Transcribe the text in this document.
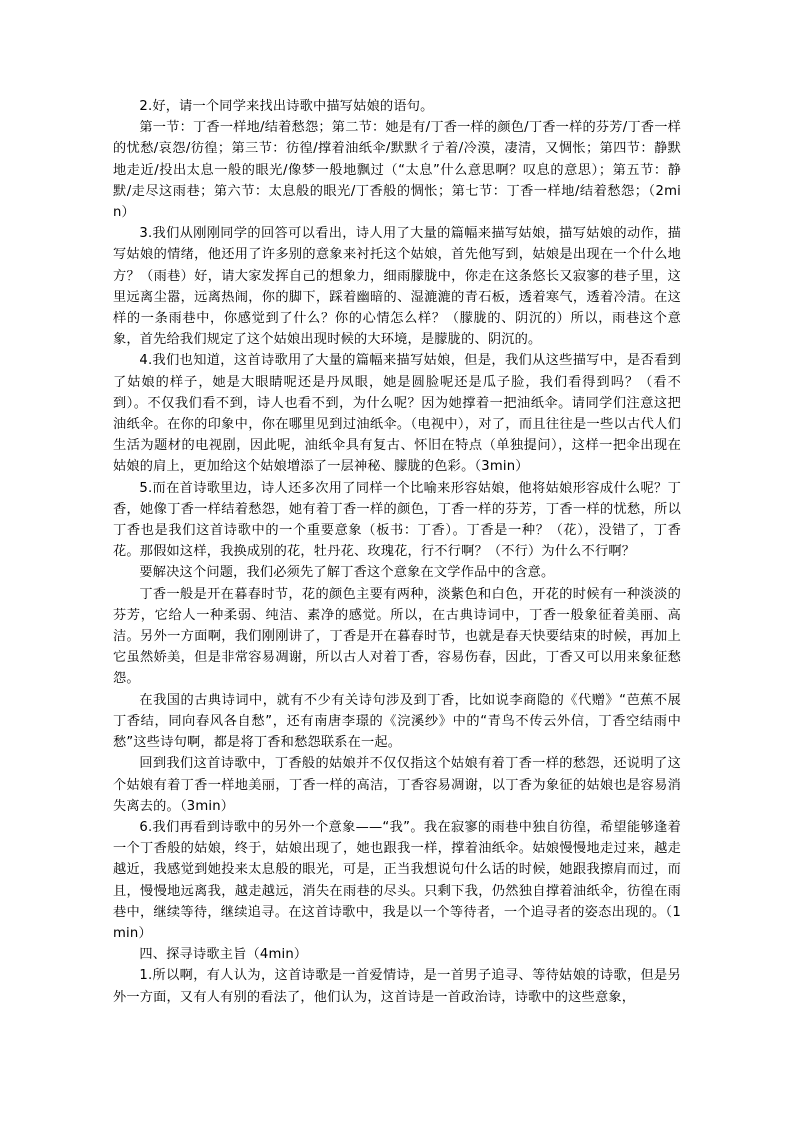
2.好，请一个同学来找出诗歌中描写姑娘的语句。

第一节：丁香一样地/结着愁怨；第二节：她是有/丁香一样的颜色/丁香一样的芬芳/丁香一样的忧愁/哀怨/彷徨；第三节：彷徨/撑着油纸伞/默默彳亍着/冷漠，凄清，又惆怅；第四节：静默地走近/投出太息一般的眼光/像梦一般地飘过（“太息”什么意思啊？叹息的意思）；第五节：静默/走尽这雨巷；第六节：太息般的眼光/丁香般的惆怅；第七节：丁香一样地/结着愁怨；（2min）

3.我们从刚刚同学的回答可以看出，诗人用了大量的篇幅来描写姑娘，描写姑娘的动作，描写姑娘的情绪，他还用了许多别的意象来衬托这个姑娘，首先他写到，姑娘是出现在一个什么地方？（雨巷）好，请大家发挥自己的想象力，细雨朦胧中，你走在这条悠长又寂寥的巷子里，这里远离尘嚣，远离热闹，你的脚下，踩着幽暗的、湿漉漉的青石板，透着寒气，透着冷清。在这样的一条雨巷中，你感觉到了什么？你的心情怎么样？（朦胧的、阴沉的）所以，雨巷这个意象，首先给我们规定了这个姑娘出现时候的大环境，是朦胧的、阴沉的。

4.我们也知道，这首诗歌用了大量的篇幅来描写姑娘，但是，我们从这些描写中，是否看到了姑娘的样子，她是大眼睛呢还是丹凤眼，她是圆脸呢还是瓜子脸，我们看得到吗？（看不到）。不仅我们看不到，诗人也看不到，为什么呢？因为她撑着一把油纸伞。请同学们注意这把油纸伞。在你的印象中，你在哪里见到过油纸伞。（电视中），对了，而且往往是一些以古代人们生活为题材的电视剧，因此呢，油纸伞具有复古、怀旧在特点（单独提问），这样一把伞出现在姑娘的肩上，更加给这个姑娘增添了一层神秘、朦胧的色彩。（3min）

5.而在首诗歌里边，诗人还多次用了同样一个比喻来形容姑娘，他将姑娘形容成什么呢？丁香，她像丁香一样结着愁怨，她有着丁香一样的颜色，丁香一样的芬芳，丁香一样的忧愁，所以丁香也是我们这首诗歌中的一个重要意象（板书：丁香）。丁香是一种？（花），没错了，丁香花。那假如这样，我换成别的花，牡丹花、玫瑰花，行不行啊？（不行）为什么不行啊？

要解决这个问题，我们必须先了解丁香这个意象在文学作品中的含意。

丁香一般是开在暮春时节，花的颜色主要有两种，淡紫色和白色，开花的时候有一种淡淡的芬芳，它给人一种柔弱、纯洁、素净的感觉。所以，在古典诗词中，丁香一般象征着美丽、高洁。另外一方面啊，我们刚刚讲了，丁香是开在暮春时节，也就是春天快要结束的时候，再加上它虽然娇美，但是非常容易凋谢，所以古人对着丁香，容易伤春，因此，丁香又可以用来象征愁怨。

在我国的古典诗词中，就有不少有关诗句涉及到丁香，比如说李商隐的《代赠》“芭蕉不展丁香结，同向春风各自愁”，还有南唐李璟的《浣溪纱》中的“青鸟不传云外信，丁香空结雨中愁”这些诗句啊，都是将丁香和愁怨联系在一起。

回到我们这首诗歌中，丁香般的姑娘并不仅仅指这个姑娘有着丁香一样的愁怨，还说明了这个姑娘有着丁香一样地美丽，丁香一样的高洁，丁香容易凋谢，以丁香为象征的姑娘也是容易消失离去的。（3min）

6.我们再看到诗歌中的另外一个意象——“我”。我在寂寥的雨巷中独自彷徨，希望能够逢着一个丁香般的姑娘，终于，姑娘出现了，她也跟我一样，撑着油纸伞。姑娘慢慢地走过来，越走越近，我感觉到她投来太息般的眼光，可是，正当我想说句什么话的时候，她跟我擦肩而过，而且，慢慢地远离我，越走越远，消失在雨巷的尽头。只剩下我，仍然独自撑着油纸伞，彷徨在雨巷中，继续等待，继续追寻。在这首诗歌中，我是以一个等待者，一个追寻者的姿态出现的。（1min）

四、探寻诗歌主旨（4min）

1.所以啊，有人认为，这首诗歌是一首爱情诗，是一首男子追寻、等待姑娘的诗歌，但是另外一方面，又有人有别的看法了，他们认为，这首诗是一首政治诗，诗歌中的这些意象，
